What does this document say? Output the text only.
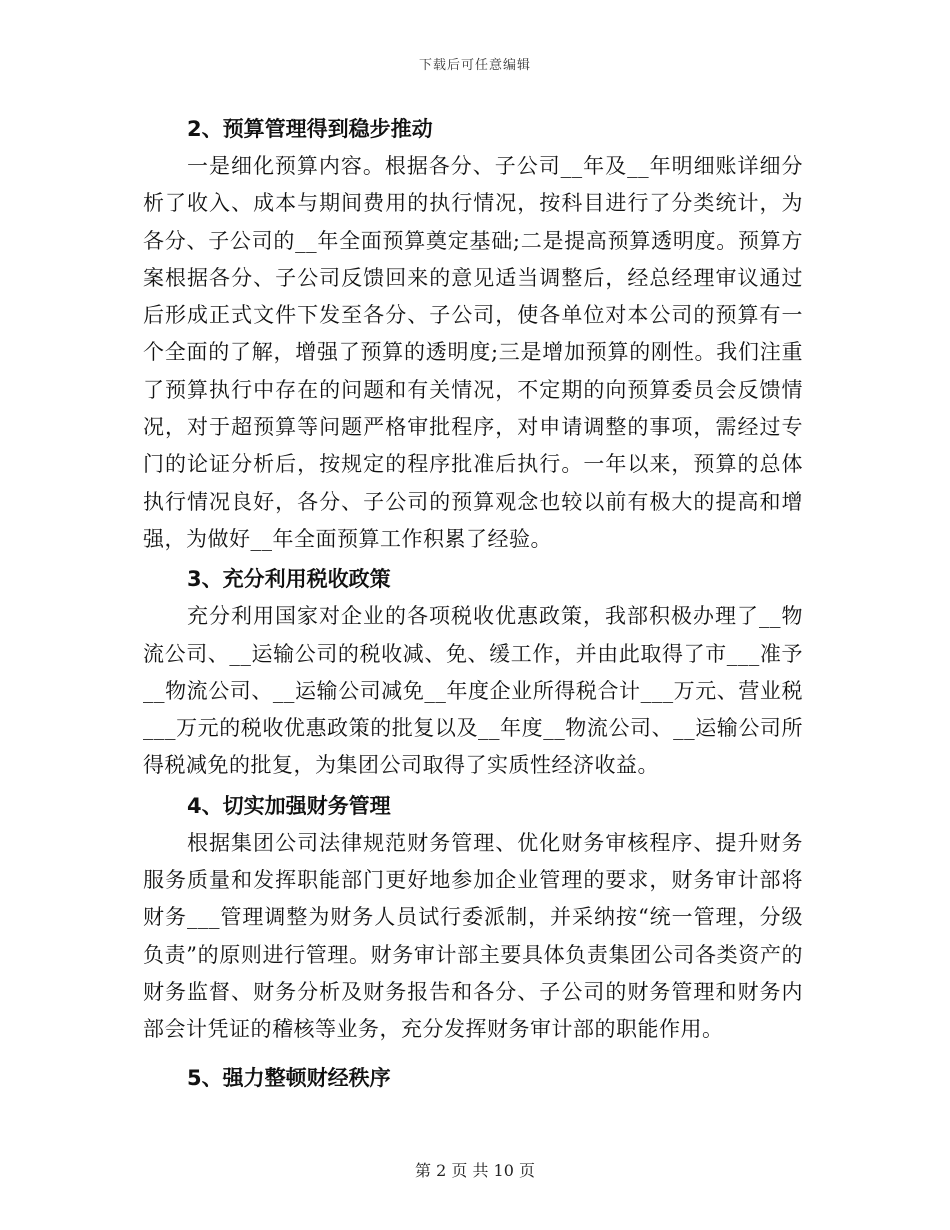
下载后可任意编辑
2、预算管理得到稳步推动

一是细化预算内容。根据各分、子公司__年及__年明细账详细分析了收入、成本与期间费用的执行情况，按科目进行了分类统计，为各分、子公司的__年全面预算奠定基础;二是提高预算透明度。预算方案根据各分、子公司反馈回来的意见适当调整后，经总经理审议通过后形成正式文件下发至各分、子公司，使各单位对本公司的预算有一个全面的了解，增强了预算的透明度;三是增加预算的刚性。我们注重了预算执行中存在的问题和有关情况，不定期的向预算委员会反馈情况，对于超预算等问题严格审批程序，对申请调整的事项，需经过专门的论证分析后，按规定的程序批准后执行。一年以来，预算的总体执行情况良好，各分、子公司的预算观念也较以前有极大的提高和增强，为做好__年全面预算工作积累了经验。

3、充分利用税收政策

充分利用国家对企业的各项税收优惠政策，我部积极办理了__物流公司、__运输公司的税收减、免、缓工作，并由此取得了市___准予__物流公司、__运输公司减免__年度企业所得税合计___万元、营业税___万元的税收优惠政策的批复以及__年度__物流公司、__运输公司所得税减免的批复，为集团公司取得了实质性经济收益。

4、切实加强财务管理

根据集团公司法律规范财务管理、优化财务审核程序、提升财务服务质量和发挥职能部门更好地参加企业管理的要求，财务审计部将财务___管理调整为财务人员试行委派制，并采纳按“统一管理，分级负责”的原则进行管理。财务审计部主要具体负责集团公司各类资产的财务监督、财务分析及财务报告和各分、子公司的财务管理和财务内部会计凭证的稽核等业务，充分发挥财务审计部的职能作用。

5、强力整顿财经秩序
第 2 页 共 10 页
